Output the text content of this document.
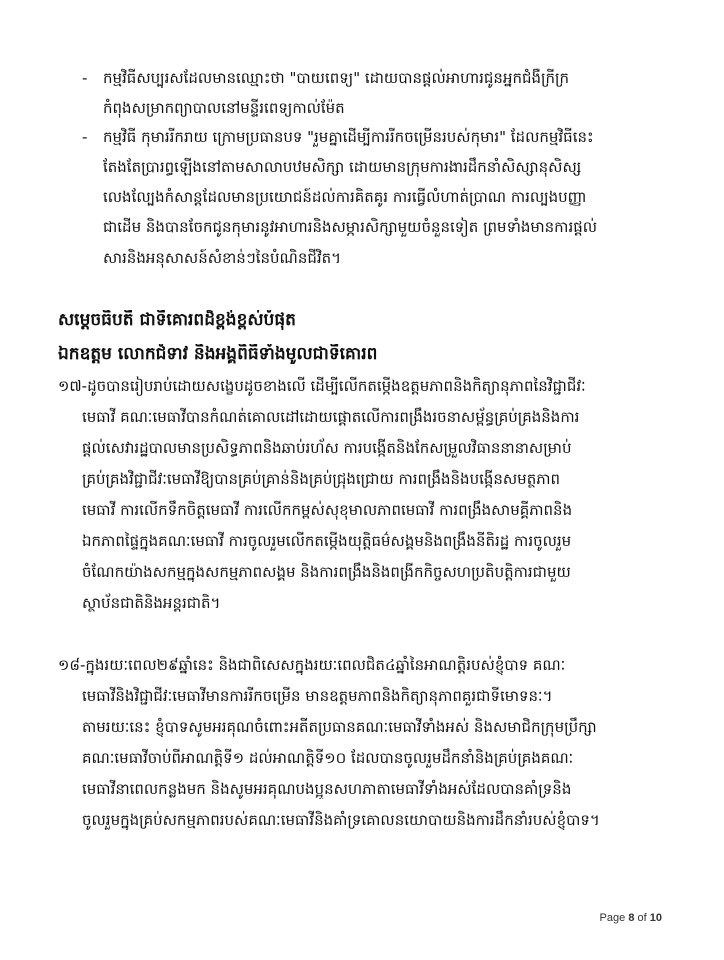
- កម្មវិធីសប្បុរសដែលមានឈ្មោះថា "បាយពេទ្យ" ដោយបានផ្ដល់អាហារជូនអ្នកជំងឺក្រីក្រ
កំពុងសម្រាកព្យាបាលនៅមន្ទីរពេទ្យកាល់ម៉ែត
- កម្មវិធី កុមាររីករាយ ក្រោមប្រធានបទ "រួមគ្នាដើម្បីការរីកចម្រើនរបស់កុមារ" ដែលកម្មវិធីនេះ
តែងតែប្រារព្ធឡើងនៅតាមសាលាបឋមសិក្សា ដោយមានក្រុមការងារដឹកនាំសិស្សានុសិស្ស
លេងល្បែងកំសាន្តដែលមានប្រយោជន៍ដល់ការគិតគូរ ការធ្វើលំហាត់ប្រាណ ការល្បងបញ្ញា
ជាដើម និងបានចែកជូនកុមារនូវអាហារនិងសម្ភារសិក្សាមួយចំនួនទៀត ព្រមទាំងមានការផ្ដល់
សារនិងអនុសាសន៍សំខាន់ៗនៃបំណិនជីវិត។
សម្ដេចធិបតី ជាទីគោរពដ៏ខ្ពង់ខ្ពស់បំផុត
ឯកឧត្ដម លោកជំទាវ និងអង្គពិធីទាំងមូលជាទីគោរព
១៧-ដូចបានរៀបរាប់ដោយសង្ខេបដូចខាងលើ ដើម្បីលើកតម្កើងឧត្ដមភាពនិងកិត្យានុភាពនៃវិជ្ជាជីវៈ
មេធាវី គណៈមេធាវីបានកំណត់គោលដៅដោយផ្ដោតលើការពង្រឹងរចនាសម្ព័ន្ធគ្រប់គ្រងនិងការ
ផ្ដល់សេវារដ្ឋបាលមានប្រសិទ្ធភាពនិងឆាប់រហ័ស ការបង្កើតនិងកែសម្រួលវិធាននានាសម្រាប់
គ្រប់គ្រងវិជ្ជាជីវៈមេធាវីឱ្យបានគ្រប់គ្រាន់និងគ្រប់ជ្រុងជ្រោយ ការពង្រឹងនិងបង្កើនសមត្ថភាព
មេធាវី ការលើកទឹកចិត្តមេធាវី ការលើកកម្ពស់សុខុមាលភាពមេធាវី ការពង្រឹងសាមគ្គីភាពនិង
ឯកភាពផ្ទៃក្នុងគណៈមេធាវី ការចូលរួមលើកតម្កើងយុត្តិធម៌សង្គមនិងពង្រឹងនីតិរដ្ឋ ការចូលរួម
ចំណែកយ៉ាងសកម្មក្នុងសកម្មភាពសង្គម និងការពង្រឹងនិងពង្រីកកិច្ចសហប្រតិបត្តិការជាមួយ
ស្ថាប័នជាតិនិងអន្តរជាតិ។
១៨-ក្នុងរយៈពេល២៩ឆ្នាំនេះ និងជាពិសេសក្នុងរយៈពេលជិត៤ឆ្នាំនៃអាណត្តិរបស់ខ្ញុំបាទ គណៈ
មេធាវីនិងវិជ្ជាជីវៈមេធាវីមានការរីកចម្រើន មានឧត្ដមភាពនិងកិត្យានុភាពគួរជាទីមោទនៈ។
តាមរយៈនេះ ខ្ញុំបាទសូមអរគុណចំពោះអតីតប្រធានគណៈមេធាវីទាំងអស់ និងសមាជិកក្រុមប្រឹក្សា
គណៈមេធាវីចាប់ពីអាណត្តិទី១ ដល់អាណត្តិទី១០ ដែលបានចូលរួមដឹកនាំនិងគ្រប់គ្រងគណៈ
មេធាវីនាពេលកន្លងមក និងសូមអរគុណបងប្អូនសហភាតាមេធាវីទាំងអស់ដែលបានគាំទ្រនិង
ចូលរួមក្នុងគ្រប់សកម្មភាពរបស់គណៈមេធាវីនិងគាំទ្រគោលនយោបាយនិងការដឹកនាំរបស់ខ្ញុំបាទ។
Page 8 of 10
